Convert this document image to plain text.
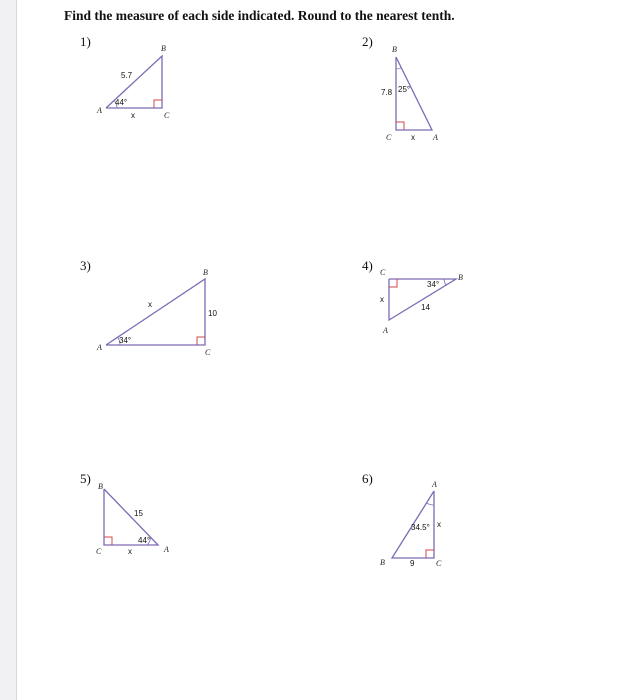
Find the measure of each side indicated. Round to the nearest tenth.
1)	2)
3)	4)
5)	6)
A
B
C
5.7
44°
x
B
C	A
7.8 25°
x
A
B
C
10
34°
x
C
B
A
14
34°
x
B
C	A
15
44°
x
A
B	C
9
34.5° x
